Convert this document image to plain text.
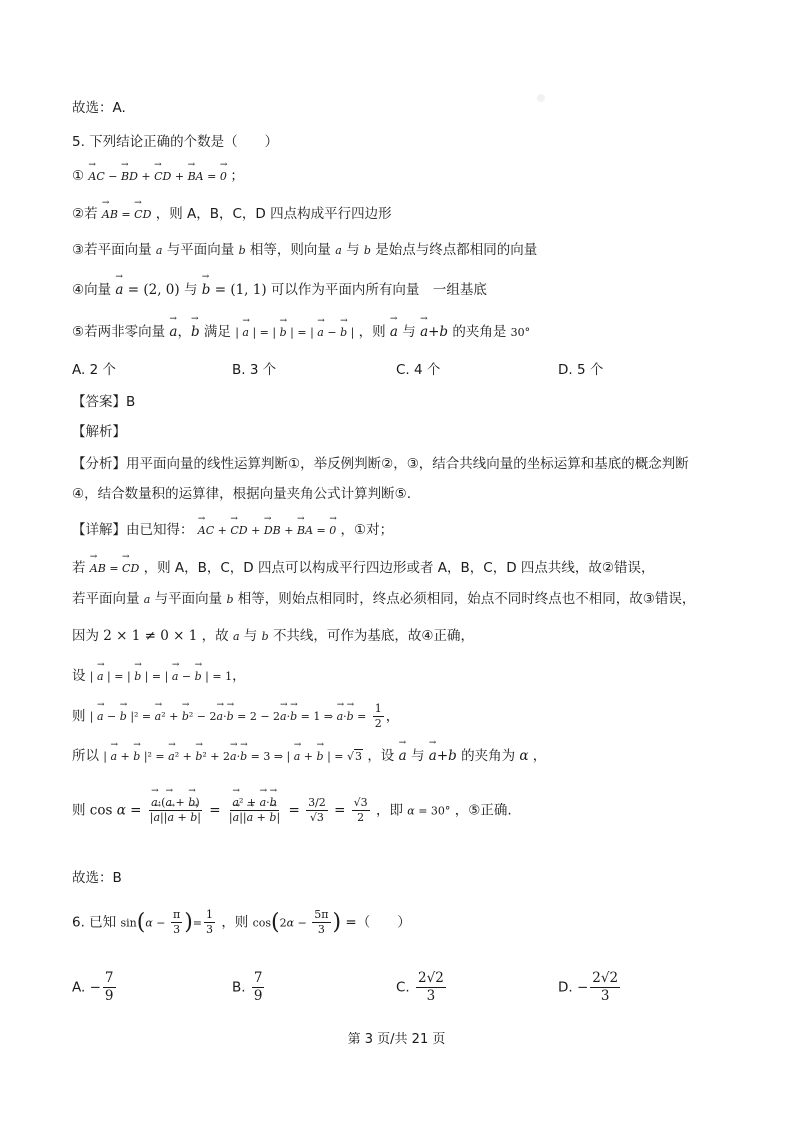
故选：A.
5. 下列结论正确的个数是（　　）
① → AC − → BD + → CD + → BA = → 0 ；
②若 → AB = → CD ，则 A，B，C，D 四点构成平行四边形
③若平面向量 a 与平面向量 b 相等，则向量 a 与 b 是始点与终点都相同的向量
④向量 → a = (2, 0) 与 → b = (1, 1) 可以作为平面内所有向量　一组基底
⑤若两非零向量 → a，→ b 满足 | → a | = | → b | = | → a − → b | ，则 → a 与 → a+b 的夹角是 30°
A. 2 个	B. 3 个	C. 4 个	D. 5 个
【答案】B
【解析】
【分析】用平面向量的线性运算判断①，举反例判断②，③，结合共线向量的坐标运算和基底的概念判断
④，结合数量积的运算律，根据向量夹角公式计算判断⑤.
【详解】由已知得： → AC + → CD + → DB + → BA = → 0 ，①对；
若 → AB = → CD ，则 A，B，C，D 四点可以构成平行四边形或者 A，B，C，D 四点共线，故②错误，
若平面向量 a 与平面向量 b 相等，则始点相同时，终点必须相同，始点不同时终点也不相同，故③错误，
因为 2 × 1 ≠ 0 × 1 ，故 a 与 b 不共线，可作为基底，故④正确，
设 | → a | = | → b | = | → a − → b | = 1，
则 | → a − → b |² = → a² + → b² − 2→ a·→ b = 2 − 2→ a·→ b = 1 ⇒ → $a\cdot\to b = \frac{1}{2}$ ，
所以 | → a + → b |² = → a² + → b² + 2→ a·→ b = 3 ⇒ | → a + → b | = √3 ，设 → a 与 → a+b 的夹角为 α ，
则 cos α = → $\frac{a\cdot(\to a + \to b)}{|\to a||\to a + \to b|}$ = → $\frac{\text{a² + → a·→ b}}{|\to a||\to a + \to b|} = \frac{3/2}{√3} = \frac{√3}{2}$ ，即 α = 30° ，⑤正确.
故选：B
6. 已知 $\sin(\alpha - \frac{\pi}{3}$ )= $\frac{1}{3}$ ，则 $\cos(2\alpha - \frac{5\pi}{3}$ ) =（　　）
A. − $\frac{7}{9}$	B. $\frac{7}{9}$	C. $\frac{2√2}{3}$	D. − $\frac{2√2}{3}$
第 3 页/共 21 页
